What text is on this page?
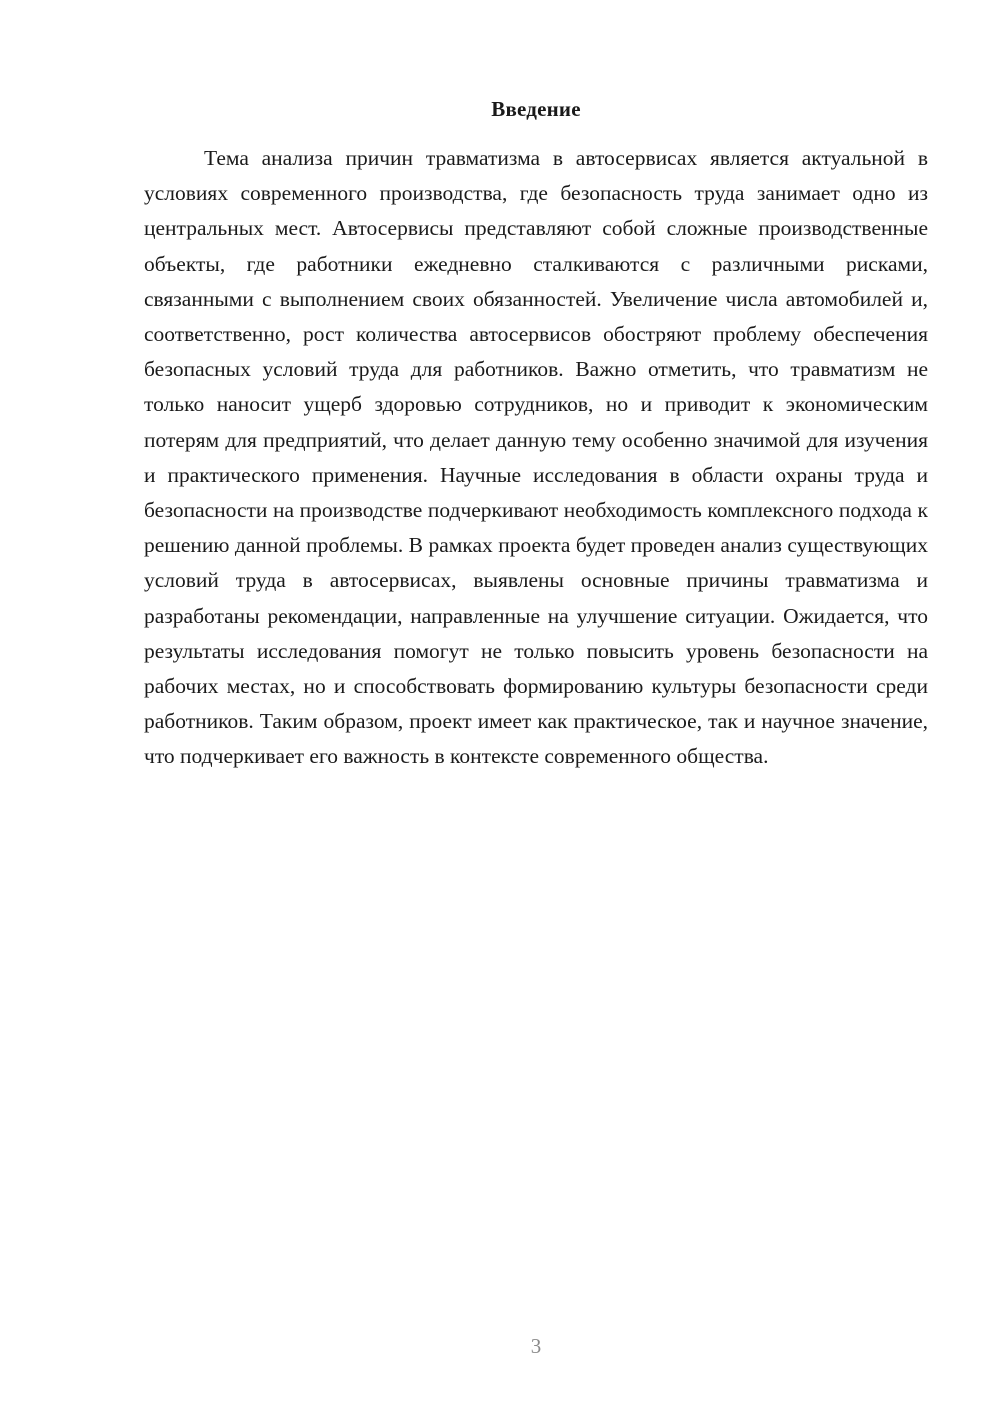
Введение

Тема анализа причин травматизма в автосервисах является актуальной в условиях современного производства, где безопасность труда занимает одно из центральных мест. Автосервисы представляют собой сложные производственные объекты, где работники ежедневно сталкиваются с различными рисками, связанными с выполнением своих обязанностей. Увеличение числа автомобилей и, соответственно, рост количества автосервисов обостряют проблему обеспечения безопасных условий труда для работников. Важно отметить, что травматизм не только наносит ущерб здоровью сотрудников, но и приводит к экономическим потерям для предприятий, что делает данную тему особенно значимой для изучения и практического применения. Научные исследования в области охраны труда и безопасности на производстве подчеркивают необходимость комплексного подхода к решению данной проблемы. В рамках проекта будет проведен анализ существующих условий труда в автосервисах, выявлены основные причины травматизма и разработаны рекомендации, направленные на улучшение ситуации. Ожидается, что результаты исследования помогут не только повысить уровень безопасности на рабочих местах, но и способствовать формированию культуры безопасности среди работников. Таким образом, проект имеет как практическое, так и научное значение, что подчеркивает его важность в контексте современного общества.

3
